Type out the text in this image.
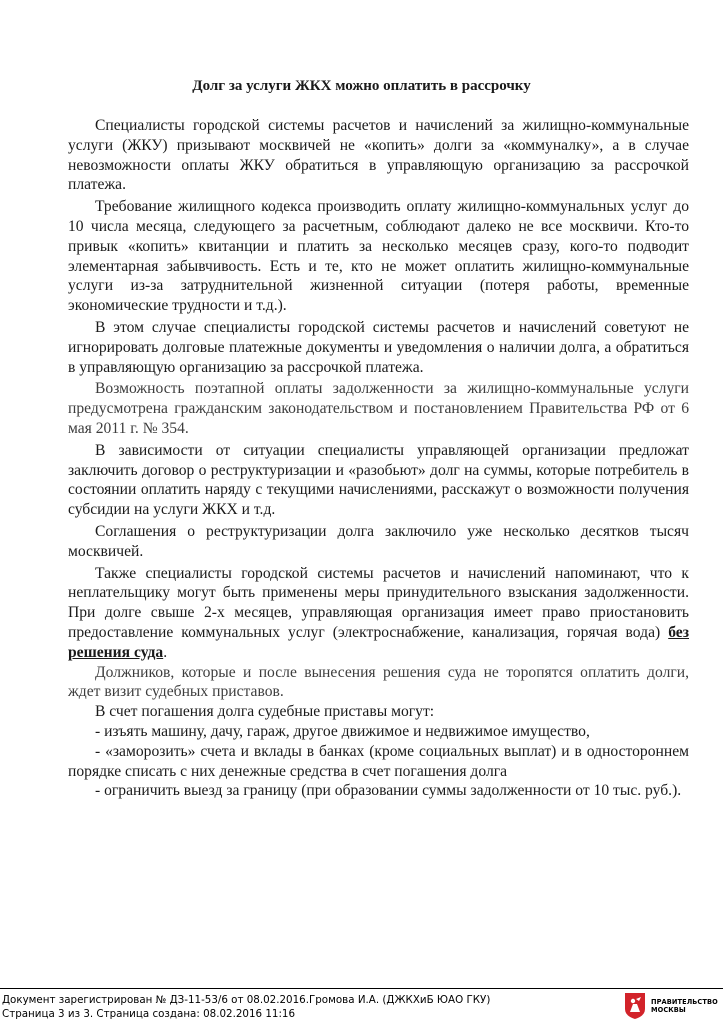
Долг за услуги ЖКХ можно оплатить в рассрочку

Специалисты городской системы расчетов и начислений за жилищно-коммунальные услуги (ЖКУ) призывают москвичей не «копить» долги за «коммуналку», а в случае невозможности оплаты ЖКУ обратиться в управляющую организацию за рассрочкой платежа.

Требование жилищного кодекса производить оплату жилищно-коммунальных услуг до 10 числа месяца, следующего за расчетным, соблюдают далеко не все москвичи. Кто-то привык «копить» квитанции и платить за несколько месяцев сразу, кого-то подводит элементарная забывчивость. Есть и те, кто не может оплатить жилищно-коммунальные услуги из-за затруднительной жизненной ситуации (потеря работы, временные экономические трудности и т.д.).

В этом случае специалисты городской системы расчетов и начислений советуют не игнорировать долговые платежные документы и уведомления о наличии долга, а обратиться в управляющую организацию за рассрочкой платежа.

Возможность поэтапной оплаты задолженности за жилищно-коммунальные услуги предусмотрена гражданским законодательством и постановлением Правительства РФ от 6 мая 2011 г. № 354.

В зависимости от ситуации специалисты управляющей организации предложат заключить договор о реструктуризации и «разобьют» долг на суммы, которые потребитель в состоянии оплатить наряду с текущими начислениями, расскажут о возможности получения субсидии на услуги ЖКХ и т.д.

Соглашения о реструктуризации долга заключило уже несколько десятков тысяч москвичей.

Также специалисты городской системы расчетов и начислений напоминают, что к неплательщику могут быть применены меры принудительного взыскания задолженности. При долге свыше 2-х месяцев, управляющая организация имеет право приостановить предоставление коммунальных услуг (электроснабжение, канализация, горячая вода) без решения суда.

Должников, которые и после вынесения решения суда не торопятся оплатить долги, ждет визит судебных приставов.

В счет погашения долга судебные приставы могут:

- изъять машину, дачу, гараж, другое движимое и недвижимое имущество,

- «заморозить» счета и вклады в банках (кроме социальных выплат) и в одностороннем порядке списать с них денежные средства в счет погашения долга

- ограничить выезд за границу (при образовании суммы задолженности от 10 тыс. руб.).

Документ зарегистрирован № ДЗ-11-53/6 от 08.02.2016.Громова И.А. (ДЖКХиБ ЮАО ГКУ)
Страница 3 из 3. Страница создана: 08.02.2016 11:16
ПРАВИТЕЛЬСТВО
МОСКВЫ
